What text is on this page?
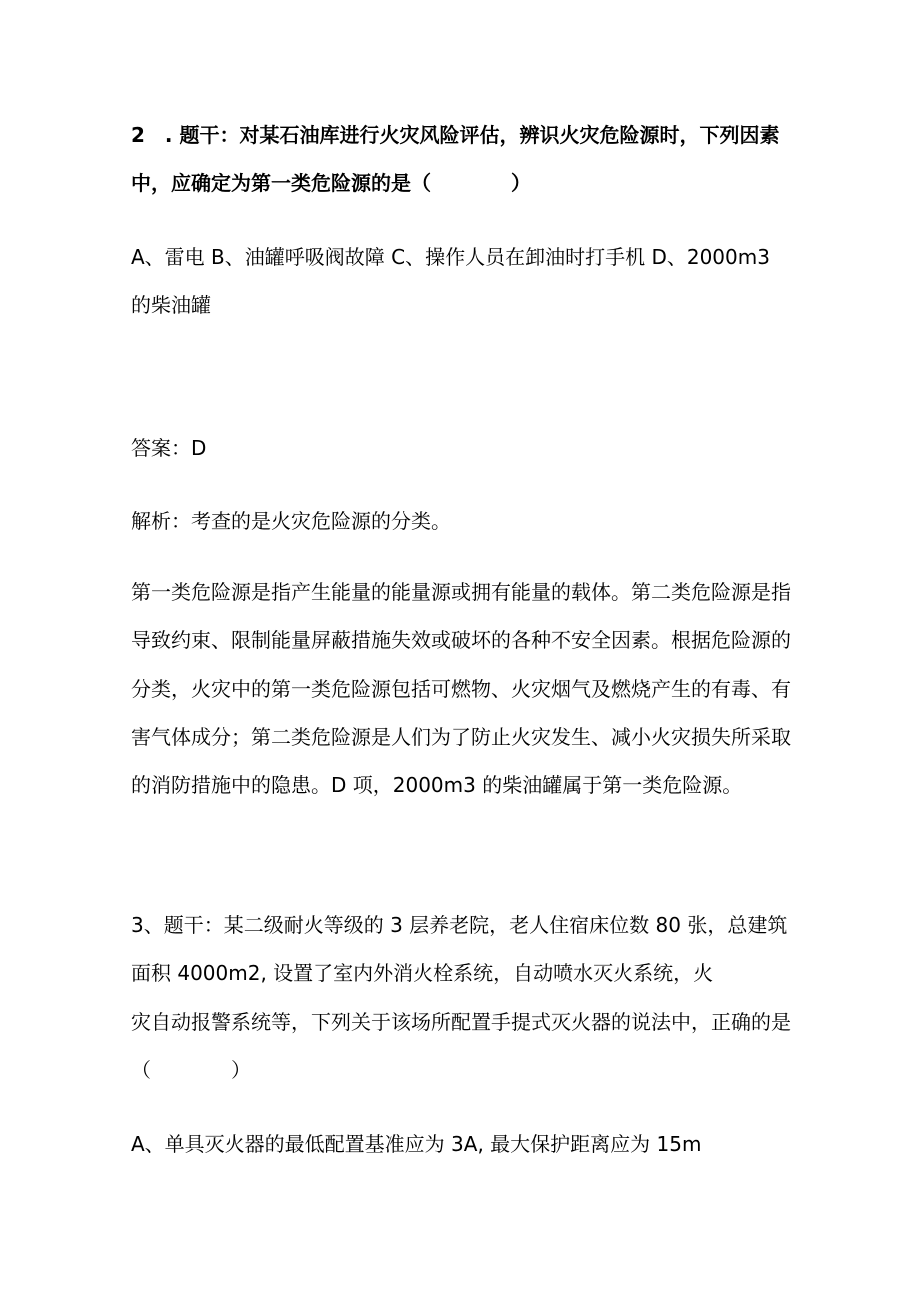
2　. 题干：对某石油库进行火灾风险评估，辨识火灾危险源时，下列因素
中，应确定为第一类危险源的是（　　　　）
A、雷电 B、油罐呼吸阀故障 C、操作人员在卸油时打手机 D、2000m3
的柴油罐
答案：D
解析：考查的是火灾危险源的分类。
第一类危险源是指产生能量的能量源或拥有能量的载体。第二类危险源是指
导致约束、限制能量屏蔽措施失效或破坏的各种不安全因素。根据危险源的
分类，火灾中的第一类危险源包括可燃物、火灾烟气及燃烧产生的有毒、有
害气体成分；第二类危险源是人们为了防止火灾发生、减小火灾损失所采取
的消防措施中的隐患。D 项，2000m3 的柴油罐属于第一类危险源。
3、题干：某二级耐火等级的 3 层养老院，老人住宿床位数 80 张，总建筑
面积 4000m2, 设置了室内外消火栓系统，自动喷水灭火系统，火
灾自动报警系统等，下列关于该场所配置手提式灭火器的说法中，正确的是
（　　　　）
A、单具灭火器的最低配置基准应为 3A, 最大保护距离应为 15m
